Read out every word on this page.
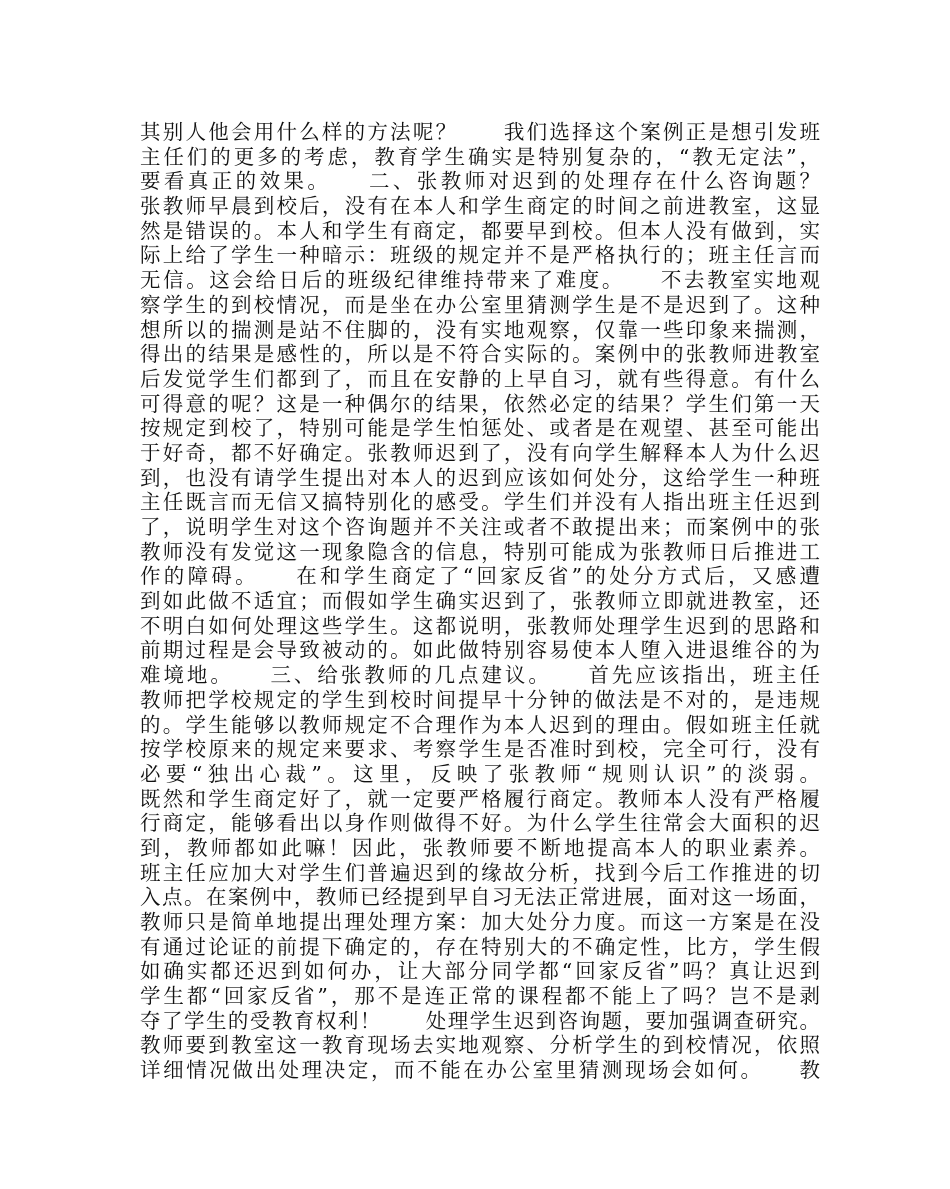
其别人他会用什么样的方法呢？　　我们选择这个案例正是想引发班
主任们的更多的考虑，教育学生确实是特别复杂的，“教无定法”，
要看真正的效果。　　二、张教师对迟到的处理存在什么咨询题？
张教师早晨到校后，没有在本人和学生商定的时间之前进教室，这显
然是错误的。本人和学生有商定，都要早到校。但本人没有做到，实
际上给了学生一种暗示：班级的规定并不是严格执行的；班主任言而
无信。这会给日后的班级纪律维持带来了难度。　　不去教室实地观
察学生的到校情况，而是坐在办公室里猜测学生是不是迟到了。这种
想所以的揣测是站不住脚的，没有实地观察，仅靠一些印象来揣测，
得出的结果是感性的，所以是不符合实际的。案例中的张教师进教室
后发觉学生们都到了，而且在安静的上早自习，就有些得意。有什么
可得意的呢？这是一种偶尔的结果，依然必定的结果？学生们第一天
按规定到校了，特别可能是学生怕惩处、或者是在观望、甚至可能出
于好奇，都不好确定。张教师迟到了，没有向学生解释本人为什么迟
到，也没有请学生提出对本人的迟到应该如何处分，这给学生一种班
主任既言而无信又搞特别化的感受。学生们并没有人指出班主任迟到
了，说明学生对这个咨询题并不关注或者不敢提出来；而案例中的张
教师没有发觉这一现象隐含的信息，特别可能成为张教师日后推进工
作的障碍。　　在和学生商定了“回家反省”的处分方式后，又感遭
到如此做不适宜；而假如学生确实迟到了，张教师立即就进教室，还
不明白如何处理这些学生。这都说明，张教师处理学生迟到的思路和
前期过程是会导致被动的。如此做特别容易使本人堕入进退维谷的为
难境地。　　三、给张教师的几点建议。　　首先应该指出，班主任
教师把学校规定的学生到校时间提早十分钟的做法是不对的，是违规
的。学生能够以教师规定不合理作为本人迟到的理由。假如班主任就
按学校原来的规定来要求、考察学生是否准时到校，完全可行，没有
必要“独出心裁”。这里，反映了张教师“规则认识”的淡弱。
既然和学生商定好了，就一定要严格履行商定。教师本人没有严格履
行商定，能够看出以身作则做得不好。为什么学生往常会大面积的迟
到，教师都如此嘛！因此，张教师要不断地提高本人的职业素养。
班主任应加大对学生们普遍迟到的缘故分析，找到今后工作推进的切
入点。在案例中，教师已经提到早自习无法正常进展，面对这一场面，
教师只是简单地提出理处理方案：加大处分力度。而这一方案是在没
有通过论证的前提下确定的，存在特别大的不确定性，比方，学生假
如确实都还迟到如何办，让大部分同学都“回家反省”吗？真让迟到
学生都“回家反省”，那不是连正常的课程都不能上了吗？岂不是剥
夺了学生的受教育权利！　　处理学生迟到咨询题，要加强调查研究。
教师要到教室这一教育现场去实地观察、分析学生的到校情况，依照
详细情况做出处理决定，而不能在办公室里猜测现场会如何。　　教
